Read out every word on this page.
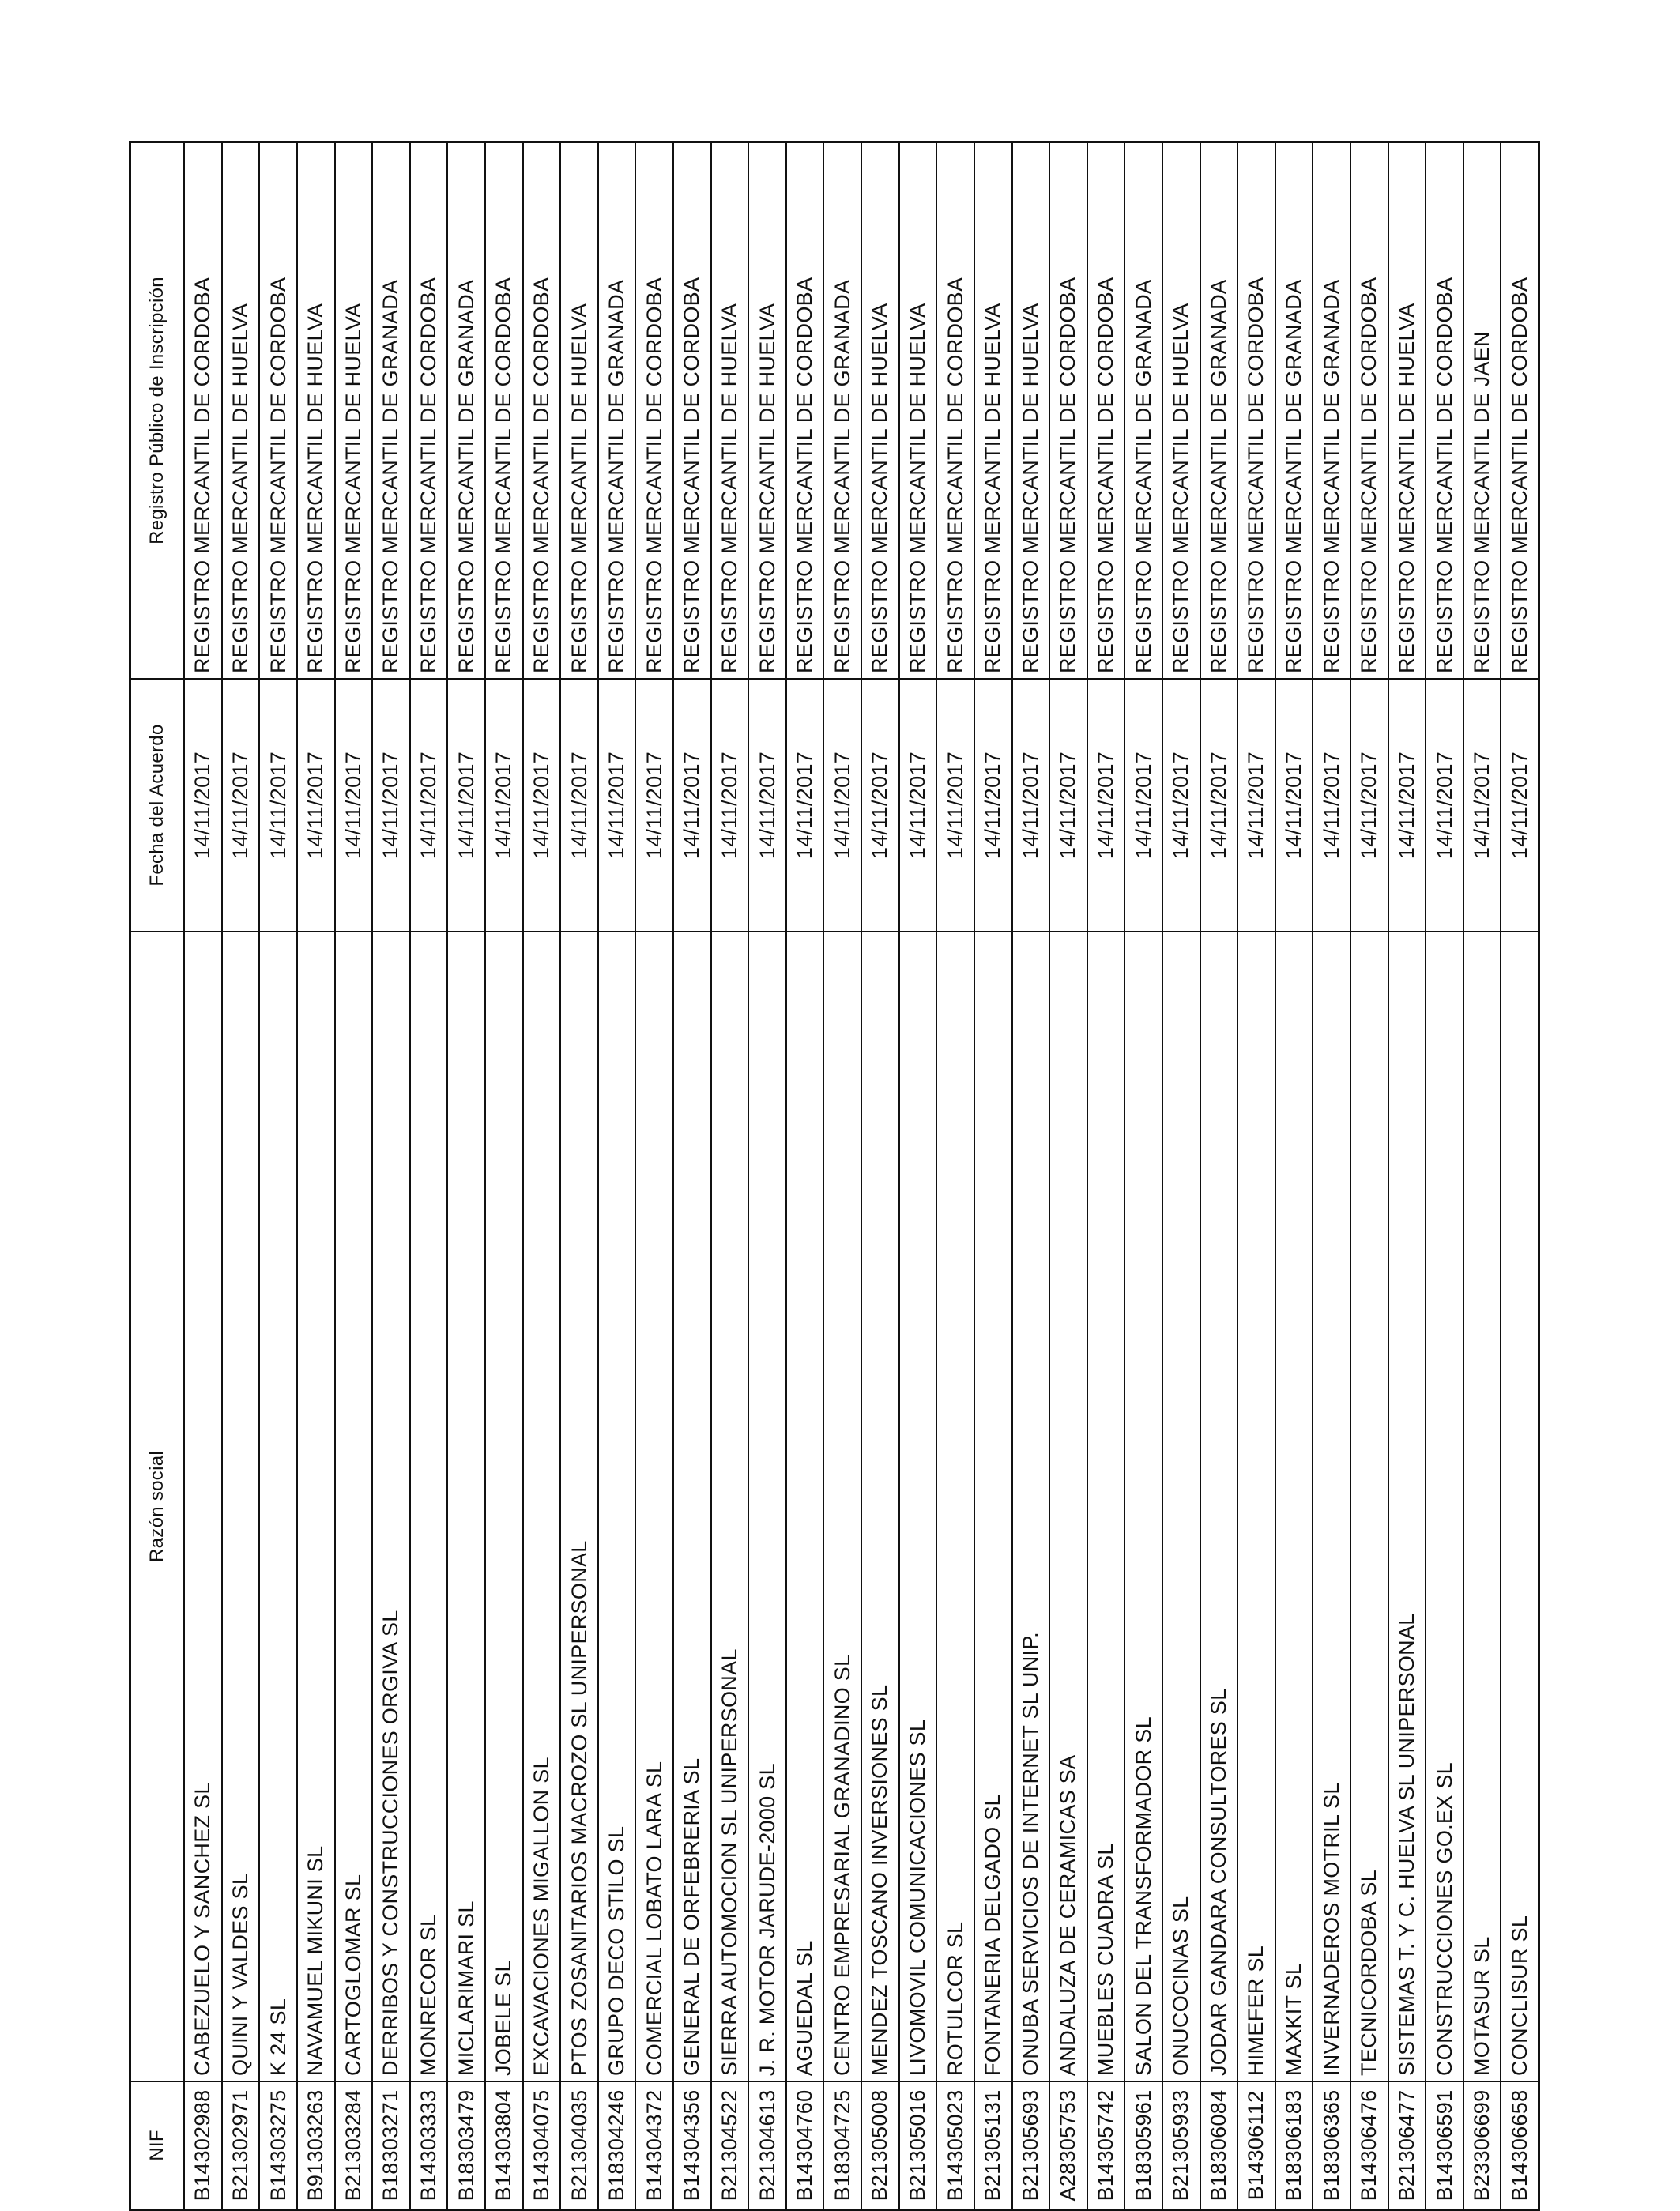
NIF
Razón social
Fecha del Acuerdo
Registro Público de Inscripción
B14302988
CABEZUELO Y SANCHEZ SL
14/11/2017
REGISTRO MERCANTIL DE CORDOBA
B21302971
QUINI Y VALDES SL
14/11/2017
REGISTRO MERCANTIL DE HUELVA
B14303275
K 24 SL
14/11/2017
REGISTRO MERCANTIL DE CORDOBA
B91303263
NAVAMUEL MIKUNI SL
14/11/2017
REGISTRO MERCANTIL DE HUELVA
B21303284
CARTOGLOMAR SL
14/11/2017
REGISTRO MERCANTIL DE HUELVA
B18303271
DERRIBOS Y CONSTRUCCIONES ORGIVA SL
14/11/2017
REGISTRO MERCANTIL DE GRANADA
B14303333
MONRECOR SL
14/11/2017
REGISTRO MERCANTIL DE CORDOBA
B18303479
MICLARIMARI SL
14/11/2017
REGISTRO MERCANTIL DE GRANADA
B14303804
JOBELE SL
14/11/2017
REGISTRO MERCANTIL DE CORDOBA
B14304075
EXCAVACIONES MIGALLON SL
14/11/2017
REGISTRO MERCANTIL DE CORDOBA
B21304035
PTOS ZOSANITARIOS MACROZO SL UNIPERSONAL
14/11/2017
REGISTRO MERCANTIL DE HUELVA
B18304246
GRUPO DECO STILO SL
14/11/2017
REGISTRO MERCANTIL DE GRANADA
B14304372
COMERCIAL LOBATO LARA SL
14/11/2017
REGISTRO MERCANTIL DE CORDOBA
B14304356
GENERAL DE ORFEBRERIA SL
14/11/2017
REGISTRO MERCANTIL DE CORDOBA
B21304522
SIERRA AUTOMOCION SL UNIPERSONAL
14/11/2017
REGISTRO MERCANTIL DE HUELVA
B21304613
J. R. MOTOR JARUDE-2000 SL
14/11/2017
REGISTRO MERCANTIL DE HUELVA
B14304760
AGUEDAL SL
14/11/2017
REGISTRO MERCANTIL DE CORDOBA
B18304725
CENTRO EMPRESARIAL GRANADINO SL
14/11/2017
REGISTRO MERCANTIL DE GRANADA
B21305008
MENDEZ TOSCANO INVERSIONES SL
14/11/2017
REGISTRO MERCANTIL DE HUELVA
B21305016
LIVOMOVIL COMUNICACIONES SL
14/11/2017
REGISTRO MERCANTIL DE HUELVA
B14305023
ROTULCOR SL
14/11/2017
REGISTRO MERCANTIL DE CORDOBA
B21305131
FONTANERIA DELGADO SL
14/11/2017
REGISTRO MERCANTIL DE HUELVA
B21305693
ONUBA SERVICIOS DE INTERNET SL UNIP.
14/11/2017
REGISTRO MERCANTIL DE HUELVA
A28305753
ANDALUZA DE CERAMICAS SA
14/11/2017
REGISTRO MERCANTIL DE CORDOBA
B14305742
MUEBLES CUADRA SL
14/11/2017
REGISTRO MERCANTIL DE CORDOBA
B18305961
SALON DEL TRANSFORMADOR SL
14/11/2017
REGISTRO MERCANTIL DE GRANADA
B21305933
ONUCOCINAS SL
14/11/2017
REGISTRO MERCANTIL DE HUELVA
B18306084
JODAR GANDARA CONSULTORES SL
14/11/2017
REGISTRO MERCANTIL DE GRANADA
B14306112
HIMEFER SL
14/11/2017
REGISTRO MERCANTIL DE CORDOBA
B18306183
MAXKIT SL
14/11/2017
REGISTRO MERCANTIL DE GRANADA
B18306365
INVERNADEROS MOTRIL SL
14/11/2017
REGISTRO MERCANTIL DE GRANADA
B14306476
TECNICORDOBA SL
14/11/2017
REGISTRO MERCANTIL DE CORDOBA
B21306477
SISTEMAS T. Y C. HUELVA SL UNIPERSONAL
14/11/2017
REGISTRO MERCANTIL DE HUELVA
B14306591
CONSTRUCCIONES GO.EX SL
14/11/2017
REGISTRO MERCANTIL DE CORDOBA
B23306699
MOTASUR SL
14/11/2017
REGISTRO MERCANTIL DE JAEN
B14306658
CONCLISUR SL
14/11/2017
REGISTRO MERCANTIL DE CORDOBA
